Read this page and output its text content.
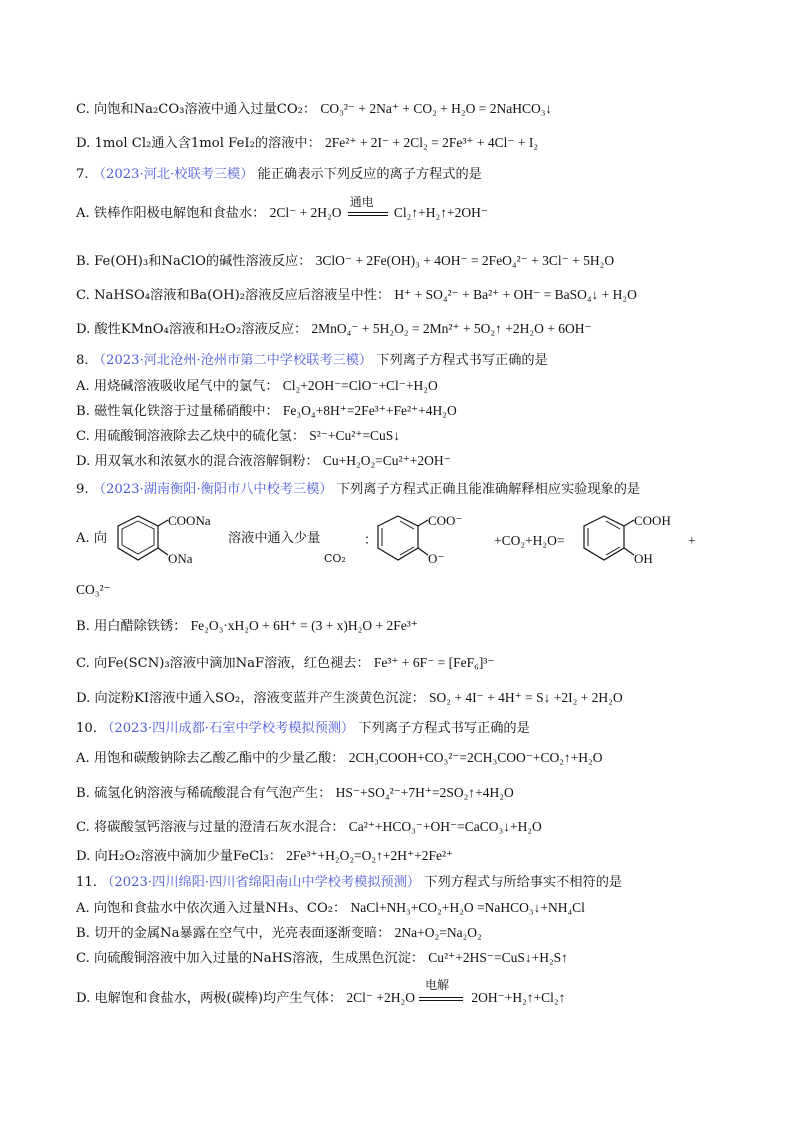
C. 向饱和Na₂CO₃溶液中通入过量CO₂： CO₃²⁻ + 2Na⁺ + CO₂ + H₂O = 2NaHCO₃↓
D. 1mol Cl₂通入含1mol FeI₂的溶液中： 2Fe²⁺ + 2I⁻ + 2Cl₂ = 2Fe³⁺ + 4Cl⁻ + I₂
7. （2023·河北·校联考三模） 能正确表示下列反应的离子方程式的是
A. 铁棒作阳极电解饱和食盐水： 2Cl⁻ + 2H₂O
通电
Cl₂↑+H₂↑+2OH⁻
B. Fe(OH)₃和NaClO的碱性溶液反应： 3ClO⁻ + 2Fe(OH)₃ + 4OH⁻ = 2FeO₄²⁻ + 3Cl⁻ + 5H₂O
C. NaHSO₄溶液和Ba(OH)₂溶液反应后溶液呈中性： H⁺ + SO₄²⁻ + Ba²⁺ + OH⁻ = BaSO₄↓ + H₂O
D. 酸性KMnO₄溶液和H₂O₂溶液反应： 2MnO₄⁻ + 5H₂O₂ = 2Mn²⁺ + 5O₂↑ +2H₂O + 6OH⁻
8. （2023·河北沧州·沧州市第二中学校联考三模） 下列离子方程式书写正确的是
A. 用烧碱溶液吸收尾气中的氯气： Cl₂+2OH⁻=ClO⁻+Cl⁻+H₂O
B. 磁性氧化铁溶于过量稀硝酸中： Fe₃O₄+8H⁺=2Fe³⁺+Fe²⁺+4H₂O
C. 用硫酸铜溶液除去乙炔中的硫化氢： S²⁻+Cu²⁺=CuS↓
D. 用双氧水和浓氨水的混合液溶解铜粉： Cu+H₂O₂=Cu²⁺+2OH⁻
9. （2023·湖南衡阳·衡阳市八中校考三模） 下列离子方程式正确且能准确解释相应实验现象的是
A. 向
COONa
ONa
溶液中通入少量
CO₂
：
COO⁻
O⁻
+CO₂+H₂O=
COOH
OH
+
CO₃²⁻
B. 用白醋除铁锈： Fe₂O₃·xH₂O + 6H⁺ = (3 + x)H₂O + 2Fe³⁺
C. 向Fe(SCN)₃溶液中滴加NaF溶液，红色褪去： Fe³⁺ + 6F⁻ = [FeF₆]³⁻
D. 向淀粉KI溶液中通入SO₂，溶液变蓝并产生淡黄色沉淀： SO₂ + 4I⁻ + 4H⁺ = S↓ +2I₂ + 2H₂O
10. （2023·四川成都·石室中学校考模拟预测） 下列离子方程式书写正确的是
A. 用饱和碳酸钠除去乙酸乙酯中的少量乙酸： 2CH₃COOH+CO₃²⁻=2CH₃COO⁻+CO₂↑+H₂O
B. 硫氢化钠溶液与稀硫酸混合有气泡产生： HS⁻+SO₄²⁻+7H⁺=2SO₂↑+4H₂O
C. 将碳酸氢钙溶液与过量的澄清石灰水混合： Ca²⁺+HCO₃⁻+OH⁻=CaCO₃↓+H₂O
D. 向H₂O₂溶液中滴加少量FeCl₃： 2Fe³⁺+H₂O₂=O₂↑+2H⁺+2Fe²⁺
11. （2023·四川绵阳·四川省绵阳南山中学校考模拟预测） 下列方程式与所给事实不相符的是
A. 向饱和食盐水中依次通入过量NH₃、CO₂： NaCl+NH₃+CO₂+H₂O =NaHCO₃↓+NH₄Cl
B. 切开的金属Na暴露在空气中，光亮表面逐渐变暗： 2Na+O₂=Na₂O₂
C. 向硫酸铜溶液中加入过量的NaHS溶液，生成黑色沉淀： Cu²⁺+2HS⁻=CuS↓+H₂S↑
D. 电解饱和食盐水，两极(碳棒)均产生气体： 2Cl⁻ +2H₂O
电解
2OH⁻+H₂↑+Cl₂↑
